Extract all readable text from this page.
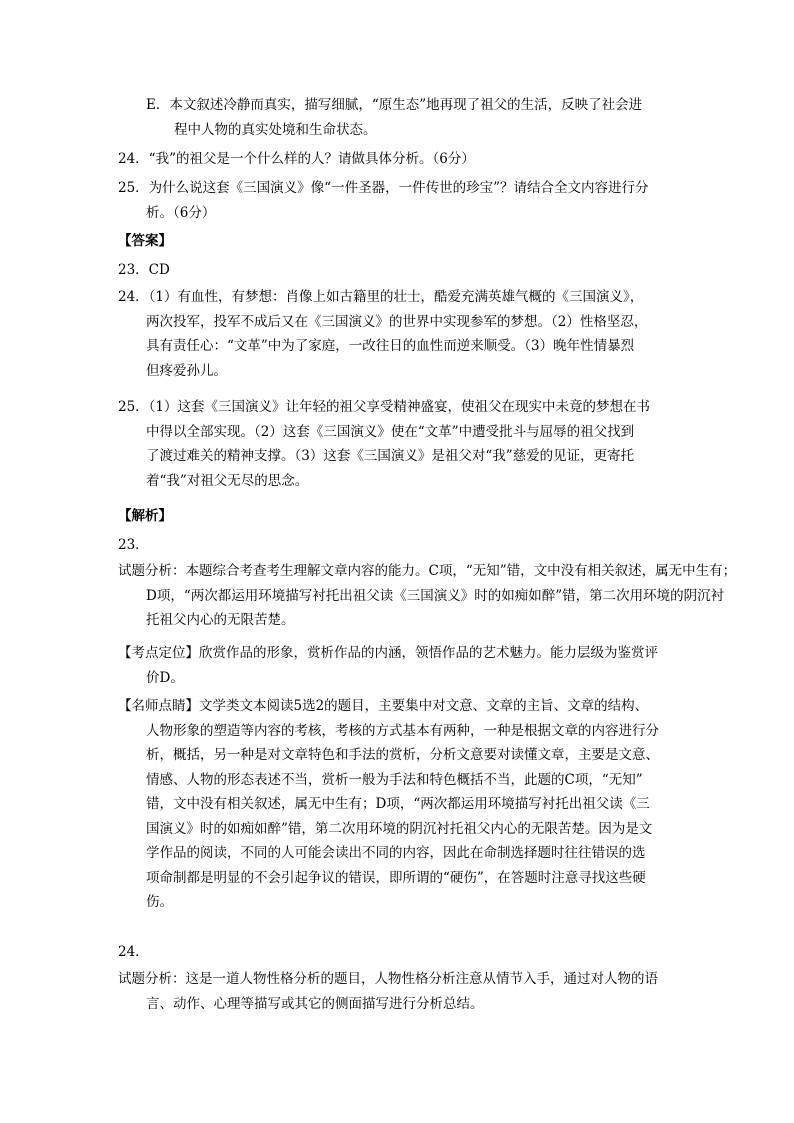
E．本文叙述冷静而真实，描写细腻，“原生态”地再现了祖父的生活，反映了社会进
程中人物的真实处境和生命状态。
24．“我”的祖父是一个什么样的人？请做具体分析。（6分）
25．为什么说这套《三国演义》像“一件圣器，一件传世的珍宝”？请结合全文内容进行分
析。（6分）
【答案】
23．CD
24．（1）有血性，有梦想：肖像上如古籍里的壮士，酷爱充满英雄气概的《三国演义》，
两次投军，投军不成后又在《三国演义》的世界中实现参军的梦想。（2）性格坚忍，
具有责任心：“文革”中为了家庭，一改往日的血性而逆来顺受。（3）晚年性情暴烈
但疼爱孙儿。
25．（1）这套《三国演义》让年轻的祖父享受精神盛宴，使祖父在现实中未竟的梦想在书
中得以全部实现。（2）这套《三国演义》使在“文革”中遭受批斗与屈辱的祖父找到
了渡过难关的精神支撑。（3）这套《三国演义》是祖父对“我”慈爱的见证，更寄托
着“我”对祖父无尽的思念。
【解析】
23．
试题分析：本题综合考查考生理解文章内容的能力。C项，“无知”错，文中没有相关叙述，属无中生有；
D项，“两次都运用环境描写衬托出祖父读《三国演义》时的如痴如醉”错，第二次用环境的阴沉衬
托祖父内心的无限苦楚。
【考点定位】欣赏作品的形象，赏析作品的内涵，领悟作品的艺术魅力。能力层级为鉴赏评
价D。
【名师点睛】文学类文本阅读5选2的题目，主要集中对文意、文章的主旨、文章的结构、
人物形象的塑造等内容的考核，考核的方式基本有两种，一种是根据文章的内容进行分
析，概括，另一种是对文章特色和手法的赏析，分析文意要对读懂文章，主要是文意、
情感、人物的形态表述不当，赏析一般为手法和特色概括不当，此题的C项，“无知”
错，文中没有相关叙述，属无中生有；D项，“两次都运用环境描写衬托出祖父读《三
国演义》时的如痴如醉”错，第二次用环境的阴沉衬托祖父内心的无限苦楚。因为是文
学作品的阅读，不同的人可能会读出不同的内容，因此在命制选择题时往往错误的选
项命制都是明显的不会引起争议的错误，即所谓的“硬伤”，在答题时注意寻找这些硬
伤。
24．
试题分析：这是一道人物性格分析的题目，人物性格分析注意从情节入手，通过对人物的语
言、动作、心理等描写或其它的侧面描写进行分析总结。
